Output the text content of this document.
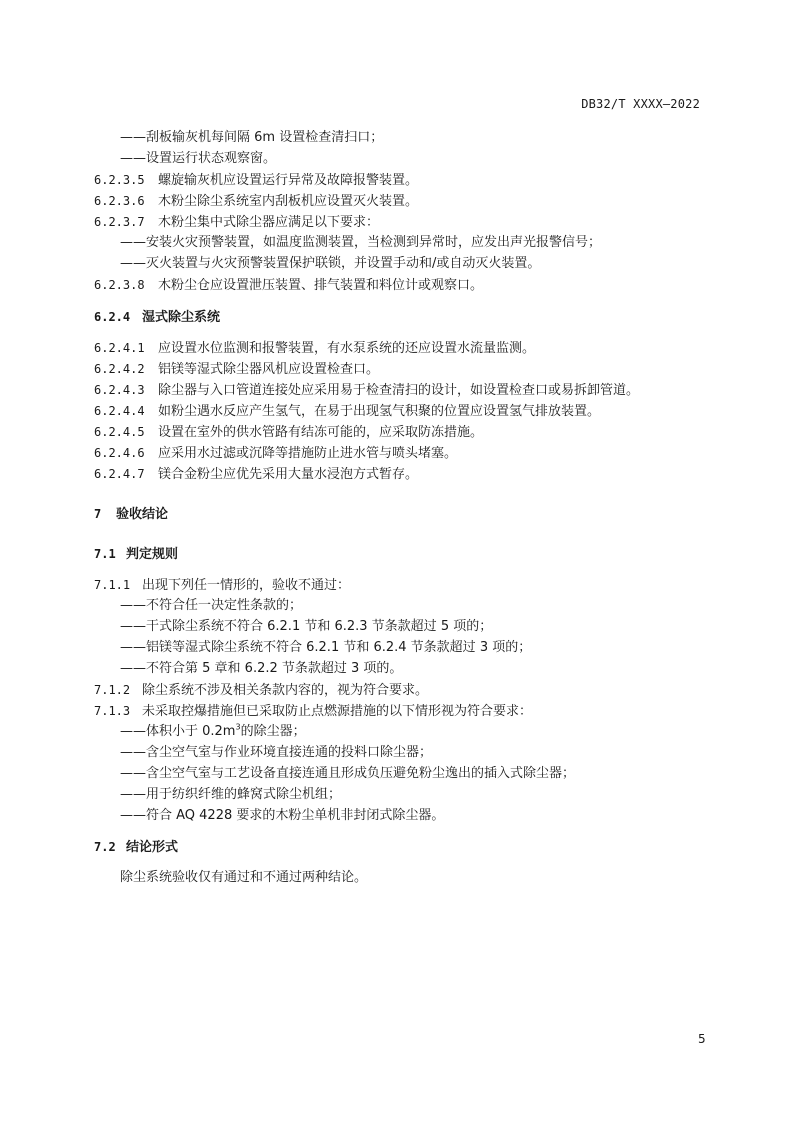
DB32/T XXXX—2022
——刮板输灰机每间隔 6m 设置检查清扫口；
——设置运行状态观察窗。
6.2.3.5 螺旋输灰机应设置运行异常及故障报警装置。
6.2.3.6 木粉尘除尘系统室内刮板机应设置灭火装置。
6.2.3.7 木粉尘集中式除尘器应满足以下要求：
——安装火灾预警装置，如温度监测装置，当检测到异常时，应发出声光报警信号；
——灭火装置与火灾预警装置保护联锁，并设置手动和/或自动灭火装置。
6.2.3.8 木粉尘仓应设置泄压装置、排气装置和料位计或观察口。
6.2.4 湿式除尘系统
6.2.4.1 应设置水位监测和报警装置，有水泵系统的还应设置水流量监测。
6.2.4.2 铝镁等湿式除尘器风机应设置检查口。
6.2.4.3 除尘器与入口管道连接处应采用易于检查清扫的设计，如设置检查口或易拆卸管道。
6.2.4.4 如粉尘遇水反应产生氢气，在易于出现氢气积聚的位置应设置氢气排放装置。
6.2.4.5 设置在室外的供水管路有结冻可能的，应采取防冻措施。
6.2.4.6 应采用水过滤或沉降等措施防止进水管与喷头堵塞。
6.2.4.7 镁合金粉尘应优先采用大量水浸泡方式暂存。
7 验收结论
7.1 判定规则
7.1.1 出现下列任一情形的，验收不通过：
——不符合任一决定性条款的；
——干式除尘系统不符合 6.2.1 节和 6.2.3 节条款超过 5 项的；
——铝镁等湿式除尘系统不符合 6.2.1 节和 6.2.4 节条款超过 3 项的；
——不符合第 5 章和 6.2.2 节条款超过 3 项的。
7.1.2 除尘系统不涉及相关条款内容的，视为符合要求。
7.1.3 未采取控爆措施但已采取防止点燃源措施的以下情形视为符合要求：
——体积小于 $0.2m^3$的除尘器；
——含尘空气室与作业环境直接连通的投料口除尘器；
——含尘空气室与工艺设备直接连通且形成负压避免粉尘逸出的插入式除尘器；
——用于纺织纤维的蜂窝式除尘机组；
——符合 AQ 4228 要求的木粉尘单机非封闭式除尘器。
7.2 结论形式
除尘系统验收仅有通过和不通过两种结论。
5
